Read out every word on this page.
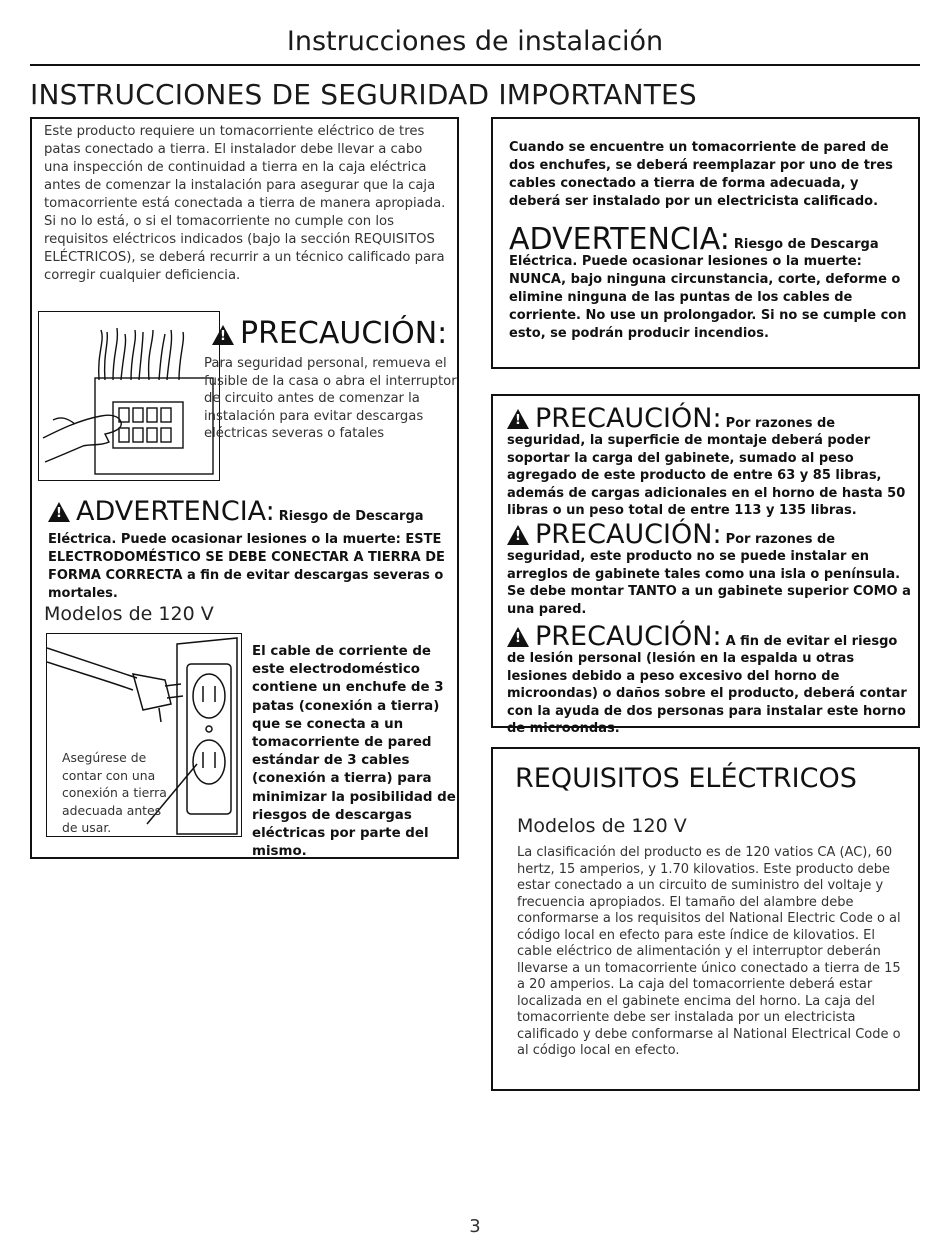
Instrucciones de instalación
INSTRUCCIONES DE SEGURIDAD IMPORTANTES
Este producto requiere un tomacorriente eléctrico de tres patas conectado a tierra. El instalador debe llevar a cabo una inspección de continuidad a tierra en la caja eléctrica antes de comenzar la instalación para asegurar que la caja tomacorriente está conectada a tierra de manera apropiada. Si no lo está, o si el tomacorriente no cumple con los requisitos eléctricos indicados (bajo la sección REQUISITOS ELÉCTRICOS), se deberá recurrir a un técnico calificado para corregir cualquier deficiencia.
!
PRECAUCIÓN:
Para seguridad personal, remueva el fusible de la casa o abra el interruptor de circuito antes de comenzar la instalación para evitar descargas eléctricas severas o fatales
!
ADVERTENCIA: Riesgo de Descarga
Eléctrica. Puede ocasionar lesiones o la muerte: ESTE ELECTRODOMÉSTICO SE DEBE CONECTAR A TIERRA DE FORMA CORRECTA a fin de evitar descargas severas o mortales.
Modelos de 120 V
Asegúrese de contar con una conexión a tierra adecuada antes de usar.
El cable de corriente de este electrodoméstico contiene un enchufe de 3 patas (conexión a tierra) que se conecta a un tomacorriente de pared estándar de 3 cables (conexión a tierra) para minimizar la posibilidad de riesgos de descargas eléctricas por parte del mismo.
Cuando se encuentre un tomacorriente de pared de dos enchufes, se deberá reemplazar por uno de tres cables conectado a tierra de forma adecuada, y deberá ser instalado por un electricista calificado.
ADVERTENCIA: Riesgo de Descarga
Eléctrica. Puede ocasionar lesiones o la muerte: NUNCA, bajo ninguna circunstancia, corte, deforme o elimine ninguna de las puntas de los cables de corriente. No use un prolongador. Si no se cumple con esto, se podrán producir incendios.
!
PRECAUCIÓN: Por razones de
seguridad, la superficie de montaje deberá poder soportar la carga del gabinete, sumado al peso agregado de este producto de entre 63 y 85 libras, además de cargas adicionales en el horno de hasta 50 libras o un peso total de entre 113 y 135 libras.
!
PRECAUCIÓN: Por razones de
seguridad, este producto no se puede instalar en arreglos de gabinete tales como una isla o península. Se debe montar TANTO a un gabinete superior COMO a una pared.
!
PRECAUCIÓN: A fin de evitar el riesgo
de lesión personal (lesión en la espalda u otras lesiones debido a peso excesivo del horno de microondas) o daños sobre el producto, deberá contar con la ayuda de dos personas para instalar este horno de microondas.
REQUISITOS ELÉCTRICOS
Modelos de 120 V
La clasificación del producto es de 120 vatios CA (AC), 60 hertz, 15 amperios, y 1.70 kilovatios. Este producto debe estar conectado a un circuito de suministro del voltaje y frecuencia apropiados. El tamaño del alambre debe conformarse a los requisitos del National Electric Code o al código local en efecto para este índice de kilovatios. El cable eléctrico de alimentación y el interruptor deberán llevarse a un tomacorriente único conectado a tierra de 15 a 20 amperios. La caja del tomacorriente deberá estar localizada en el gabinete encima del horno. La caja del tomacorriente debe ser instalada por un electricista calificado y debe conformarse al National Electrical Code o al código local en efecto.
3
